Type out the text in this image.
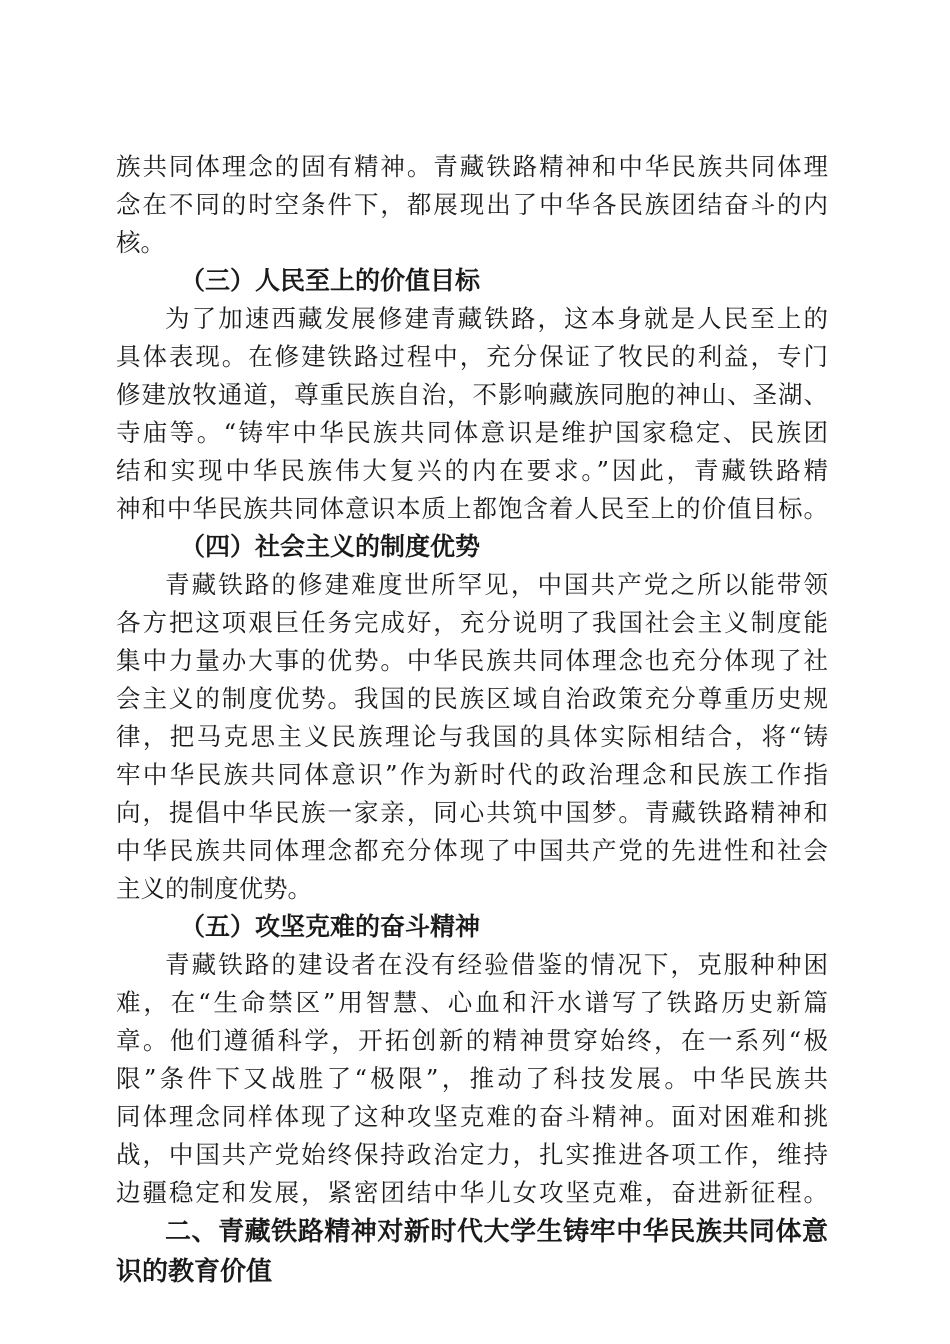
族共同体理念的固有精神。青藏铁路精神和中华民族共同体理
念在不同的时空条件下，都展现出了中华各民族团结奋斗的内
核。
（三）人民至上的价值目标
为了加速西藏发展修建青藏铁路，这本身就是人民至上的
具体表现。在修建铁路过程中，充分保证了牧民的利益，专门
修建放牧通道，尊重民族自治，不影响藏族同胞的神山、圣湖、
寺庙等。“铸牢中华民族共同体意识是维护国家稳定、民族团
结和实现中华民族伟大复兴的内在要求。”因此，青藏铁路精
神和中华民族共同体意识本质上都饱含着人民至上的价值目标。
（四）社会主义的制度优势
青藏铁路的修建难度世所罕见，中国共产党之所以能带领
各方把这项艰巨任务完成好，充分说明了我国社会主义制度能
集中力量办大事的优势。中华民族共同体理念也充分体现了社
会主义的制度优势。我国的民族区域自治政策充分尊重历史规
律，把马克思主义民族理论与我国的具体实际相结合，将“铸
牢中华民族共同体意识”作为新时代的政治理念和民族工作指
向，提倡中华民族一家亲，同心共筑中国梦。青藏铁路精神和
中华民族共同体理念都充分体现了中国共产党的先进性和社会
主义的制度优势。
（五）攻坚克难的奋斗精神
青藏铁路的建设者在没有经验借鉴的情况下，克服种种困
难，在“生命禁区”用智慧、心血和汗水谱写了铁路历史新篇
章。他们遵循科学，开拓创新的精神贯穿始终，在一系列“极
限”条件下又战胜了“极限”，推动了科技发展。中华民族共
同体理念同样体现了这种攻坚克难的奋斗精神。面对困难和挑
战，中国共产党始终保持政治定力，扎实推进各项工作，维持
边疆稳定和发展，紧密团结中华儿女攻坚克难，奋进新征程。
二、青藏铁路精神对新时代大学生铸牢中华民族共同体意
识的教育价值
